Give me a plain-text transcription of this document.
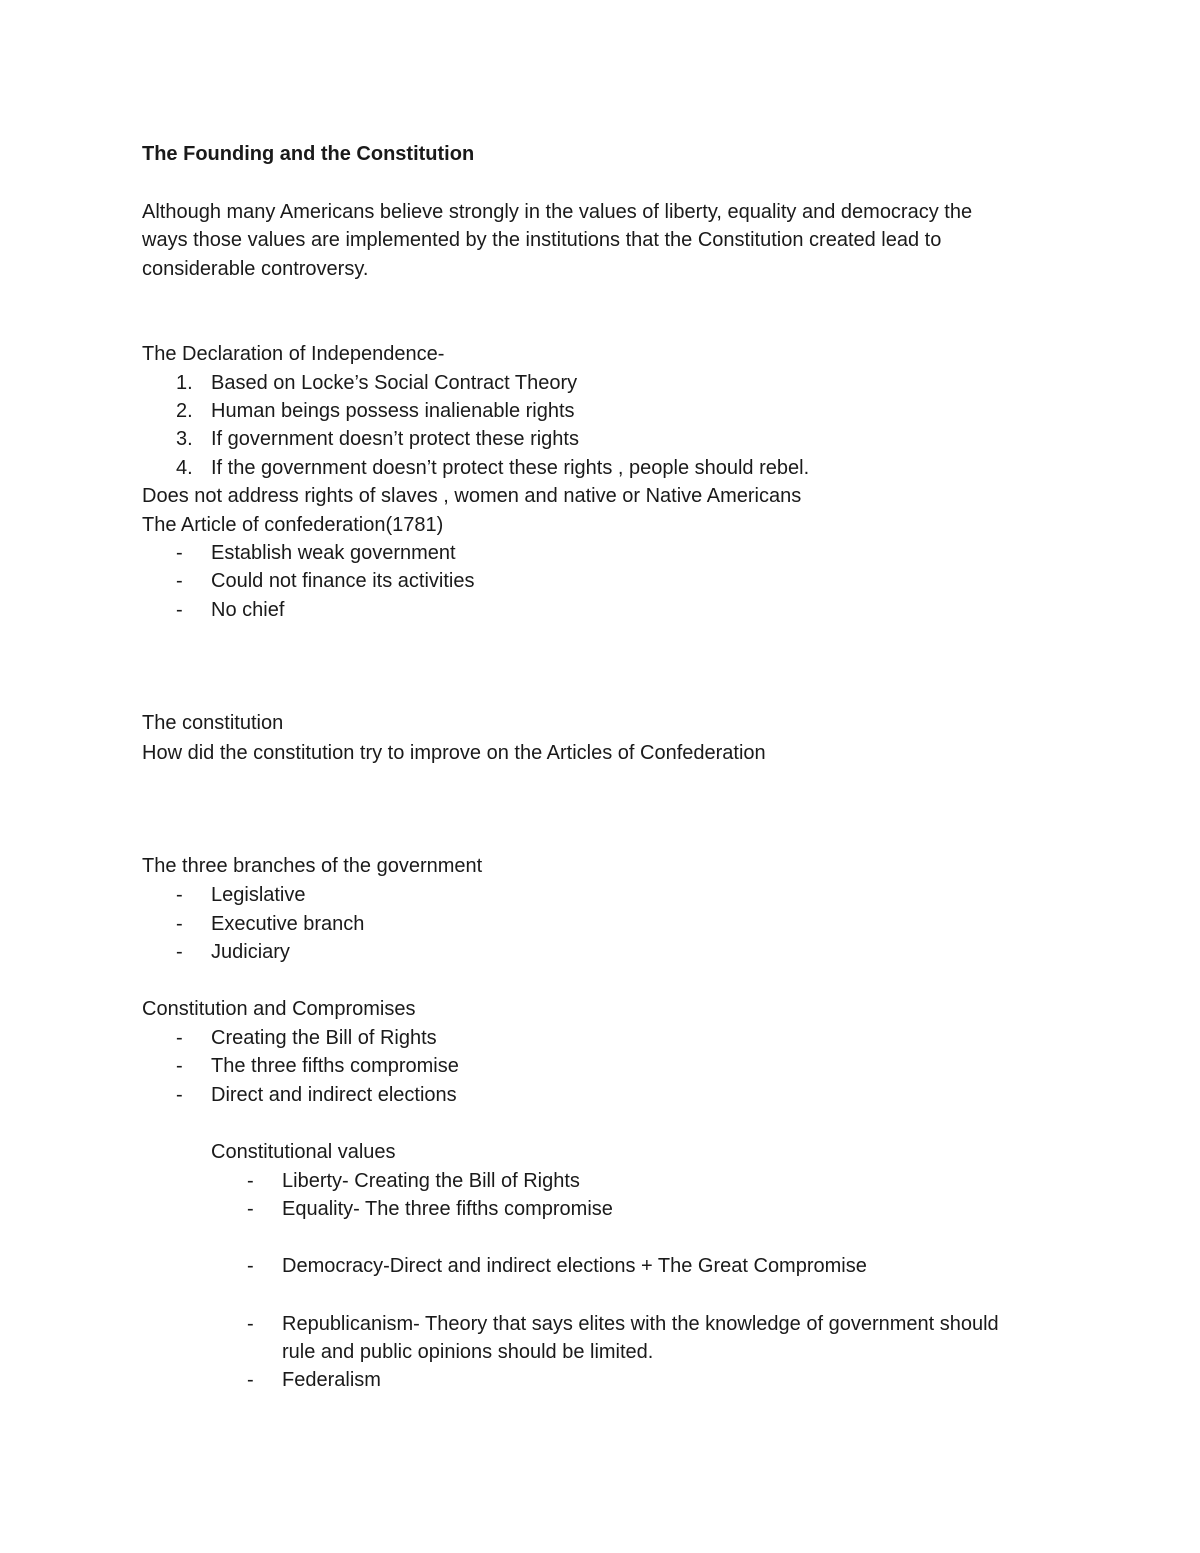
The Founding and the Constitution
Although many Americans believe strongly in the values of liberty, equality and democracy the
ways those values are implemented by the institutions that the Constitution created lead to
considerable controversy.
The Declaration of Independence-
1. Based on Locke’s Social Contract Theory
2. Human beings possess inalienable rights
3. If government doesn’t protect these rights
4. If the government doesn’t protect these rights , people should rebel.
Does not address rights of slaves , women and native or Native Americans
The Article of confederation(1781)
- Establish weak government
- Could not finance its activities
- No chief
The constitution
How did the constitution try to improve on the Articles of Confederation
The three branches of the government
- Legislative
- Executive branch
- Judiciary
Constitution and Compromises
- Creating the Bill of Rights
- The three fifths compromise
- Direct and indirect elections
Constitutional values
- Liberty- Creating the Bill of Rights
- Equality- The three fifths compromise
- Democracy-Direct and indirect elections + The Great Compromise
- Republicanism- Theory that says elites with the knowledge of government should
rule and public opinions should be limited.
- Federalism
